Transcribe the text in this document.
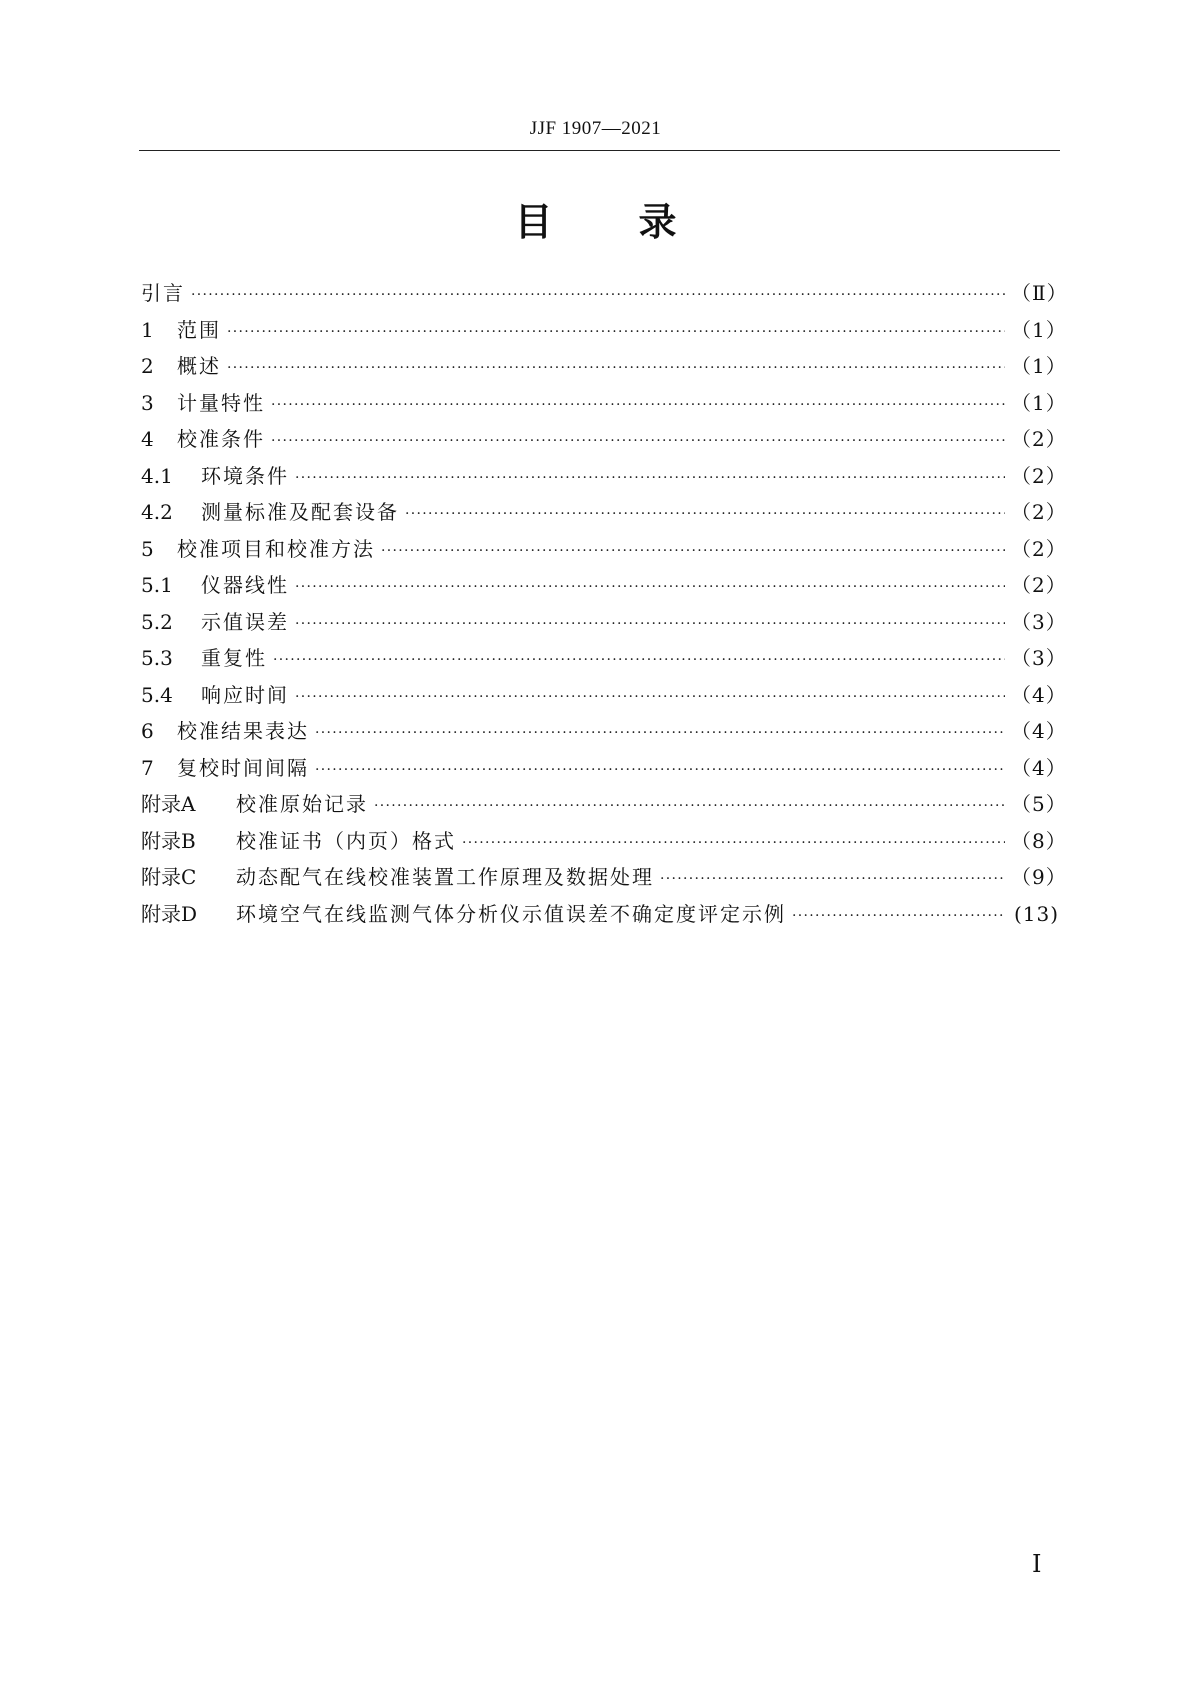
JJF 1907—2021
目 录
引言 ·····	（Ⅱ）
1	范围 ·····	（1）
2	概述 ·····	（1）
3	计量特性 ·····	（1）
4	校准条件 ·····	（2）
4.1	环境条件 ·····	（2）
4.2	测量标准及配套设备 ·····	（2）
5	校准项目和校准方法 ·····	（2）
5.1	仪器线性 ·····	（2）
5.2	示值误差 ·····	（3）
5.3	重复性 ·····	（3）
5.4	响应时间 ·····	（4）
6	校准结果表达 ·····	（4）
7	复校时间间隔 ·····	（4）
附录A	校准原始记录 ·····	（5）
附录B	校准证书（内页）格式 ·····	（8）
附录C	动态配气在线校准装置工作原理及数据处理 ·····	（9）
附录D	环境空气在线监测气体分析仪示值误差不确定度评定示例 ·····	(13)
Ⅰ
